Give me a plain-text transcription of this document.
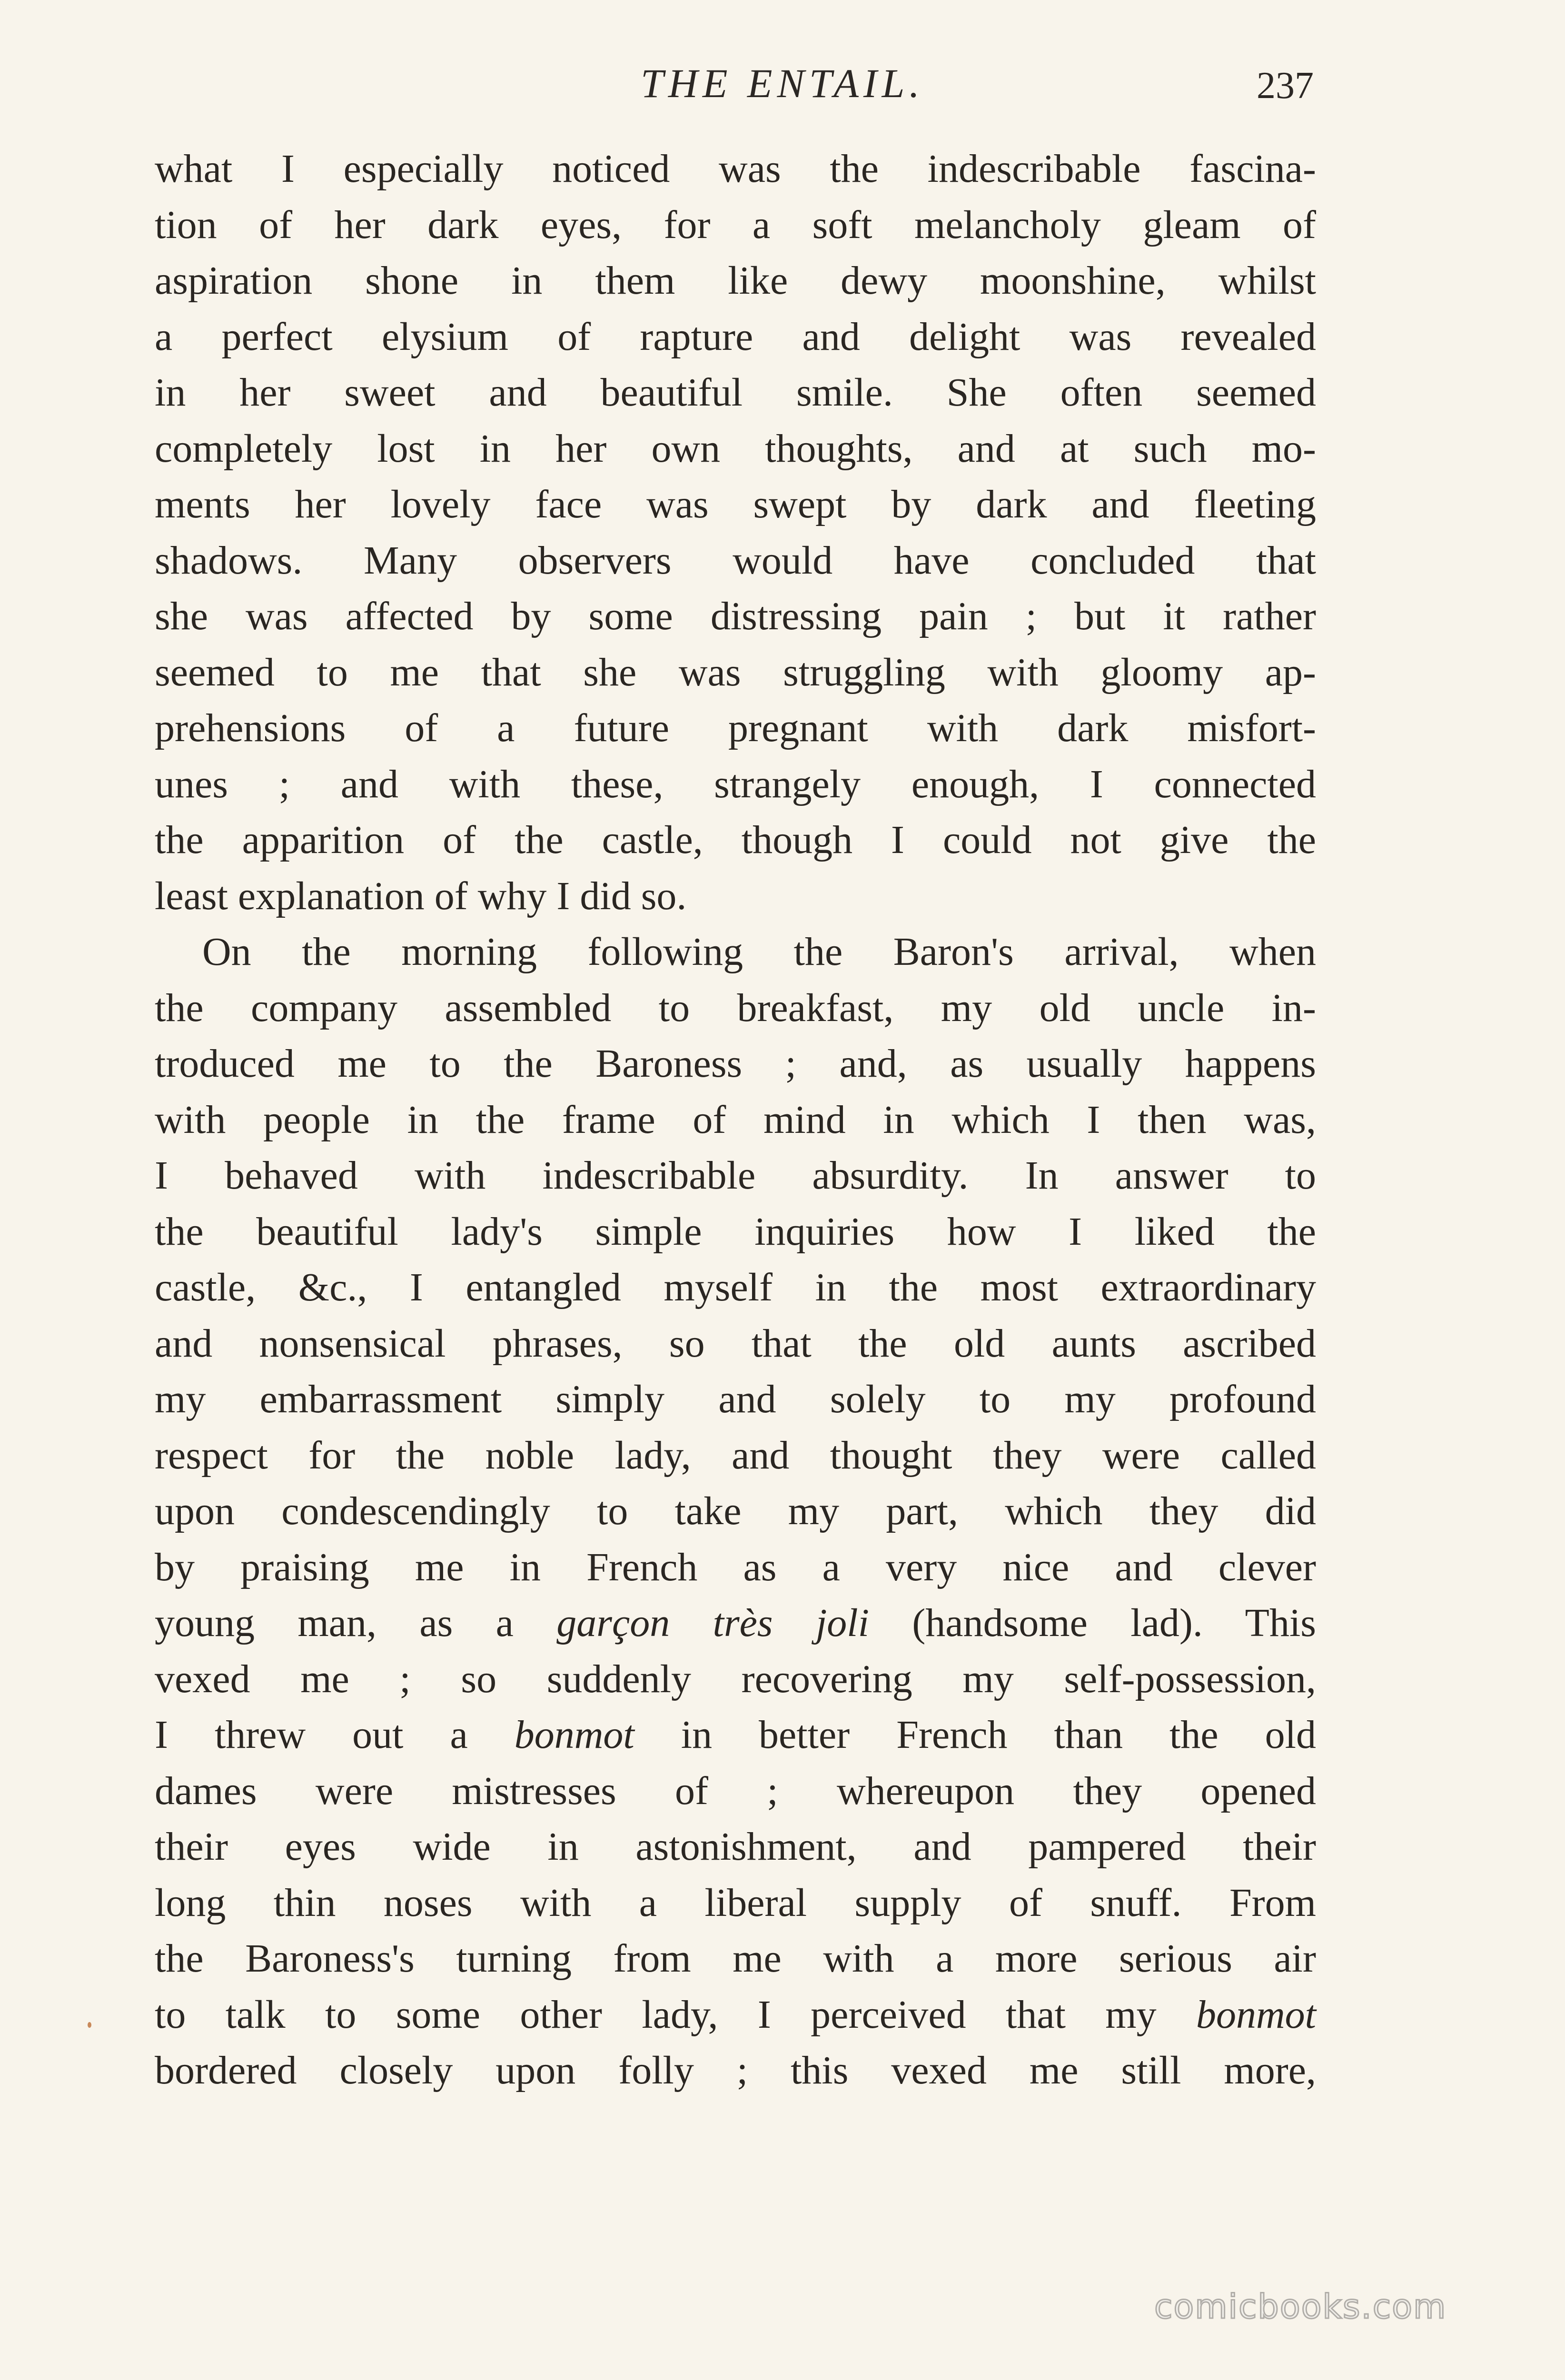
THE ENTAIL.	237
what I especially noticed was the indescribable fascina-
tion of her dark eyes, for a soft melancholy gleam of
aspiration shone in them like dewy moonshine, whilst
a perfect elysium of rapture and delight was revealed
in her sweet and beautiful smile. She often seemed
completely lost in her own thoughts, and at such mo-
ments her lovely face was swept by dark and fleeting
shadows. Many observers would have concluded that
she was affected by some distressing pain ; but it rather
seemed to me that she was struggling with gloomy ap-
prehensions of a future pregnant with dark misfort-
unes ; and with these, strangely enough, I connected
the apparition of the castle, though I could not give the
least explanation of why I did so.
On the morning following the Baron's arrival, when
the company assembled to breakfast, my old uncle in-
troduced me to the Baroness ; and, as usually happens
with people in the frame of mind in which I then was,
I behaved with indescribable absurdity. In answer to
the beautiful lady's simple inquiries how I liked the
castle, &c., I entangled myself in the most extraordinary
and nonsensical phrases, so that the old aunts ascribed
my embarrassment simply and solely to my profound
respect for the noble lady, and thought they were called
upon condescendingly to take my part, which they did
by praising me in French as a very nice and clever
young man, as a garçon très joli (handsome lad). This
vexed me ; so suddenly recovering my self-possession,
I threw out a bonmot in better French than the old
dames were mistresses of ; whereupon they opened
their eyes wide in astonishment, and pampered their
long thin noses with a liberal supply of snuff. From
the Baroness's turning from me with a more serious air
to talk to some other lady, I perceived that my bonmot
bordered closely upon folly ; this vexed me still more,
comicbooks.com
